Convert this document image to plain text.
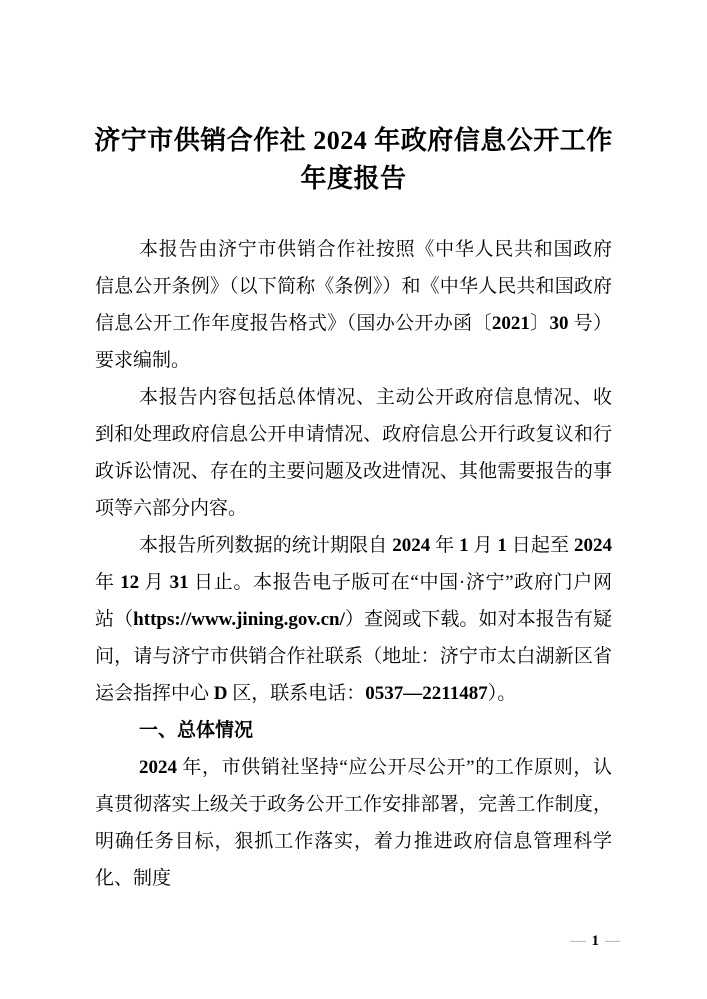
济宁市供销合作社 2024 年政府信息公开工作
年度报告

本报告由济宁市供销合作社按照《中华人民共和国政府信息公开条例》（以下简称《条例》）和《中华人民共和国政府信息公开工作年度报告格式》（国办公开办函〔2021〕30 号）要求编制。

本报告内容包括总体情况、主动公开政府信息情况、收到和处理政府信息公开申请情况、政府信息公开行政复议和行政诉讼情况、存在的主要问题及改进情况、其他需要报告的事项等六部分内容。

本报告所列数据的统计期限自 2024 年 1 月 1 日起至 2024 年 12 月 31 日止。本报告电子版可在“中国·济宁”政府门户网站（https://www.jining.gov.cn/）查阅或下载。如对本报告有疑问，请与济宁市供销合作社联系（地址：济宁市太白湖新区省运会指挥中心 D 区，联系电话：0537—2211487）。

一、总体情况

2024 年，市供销社坚持“应公开尽公开”的工作原则，认真贯彻落实上级关于政务公开工作安排部署，完善工作制度，明确任务目标，狠抓工作落实，着力推进政府信息管理科学化、制度

— 1 —
